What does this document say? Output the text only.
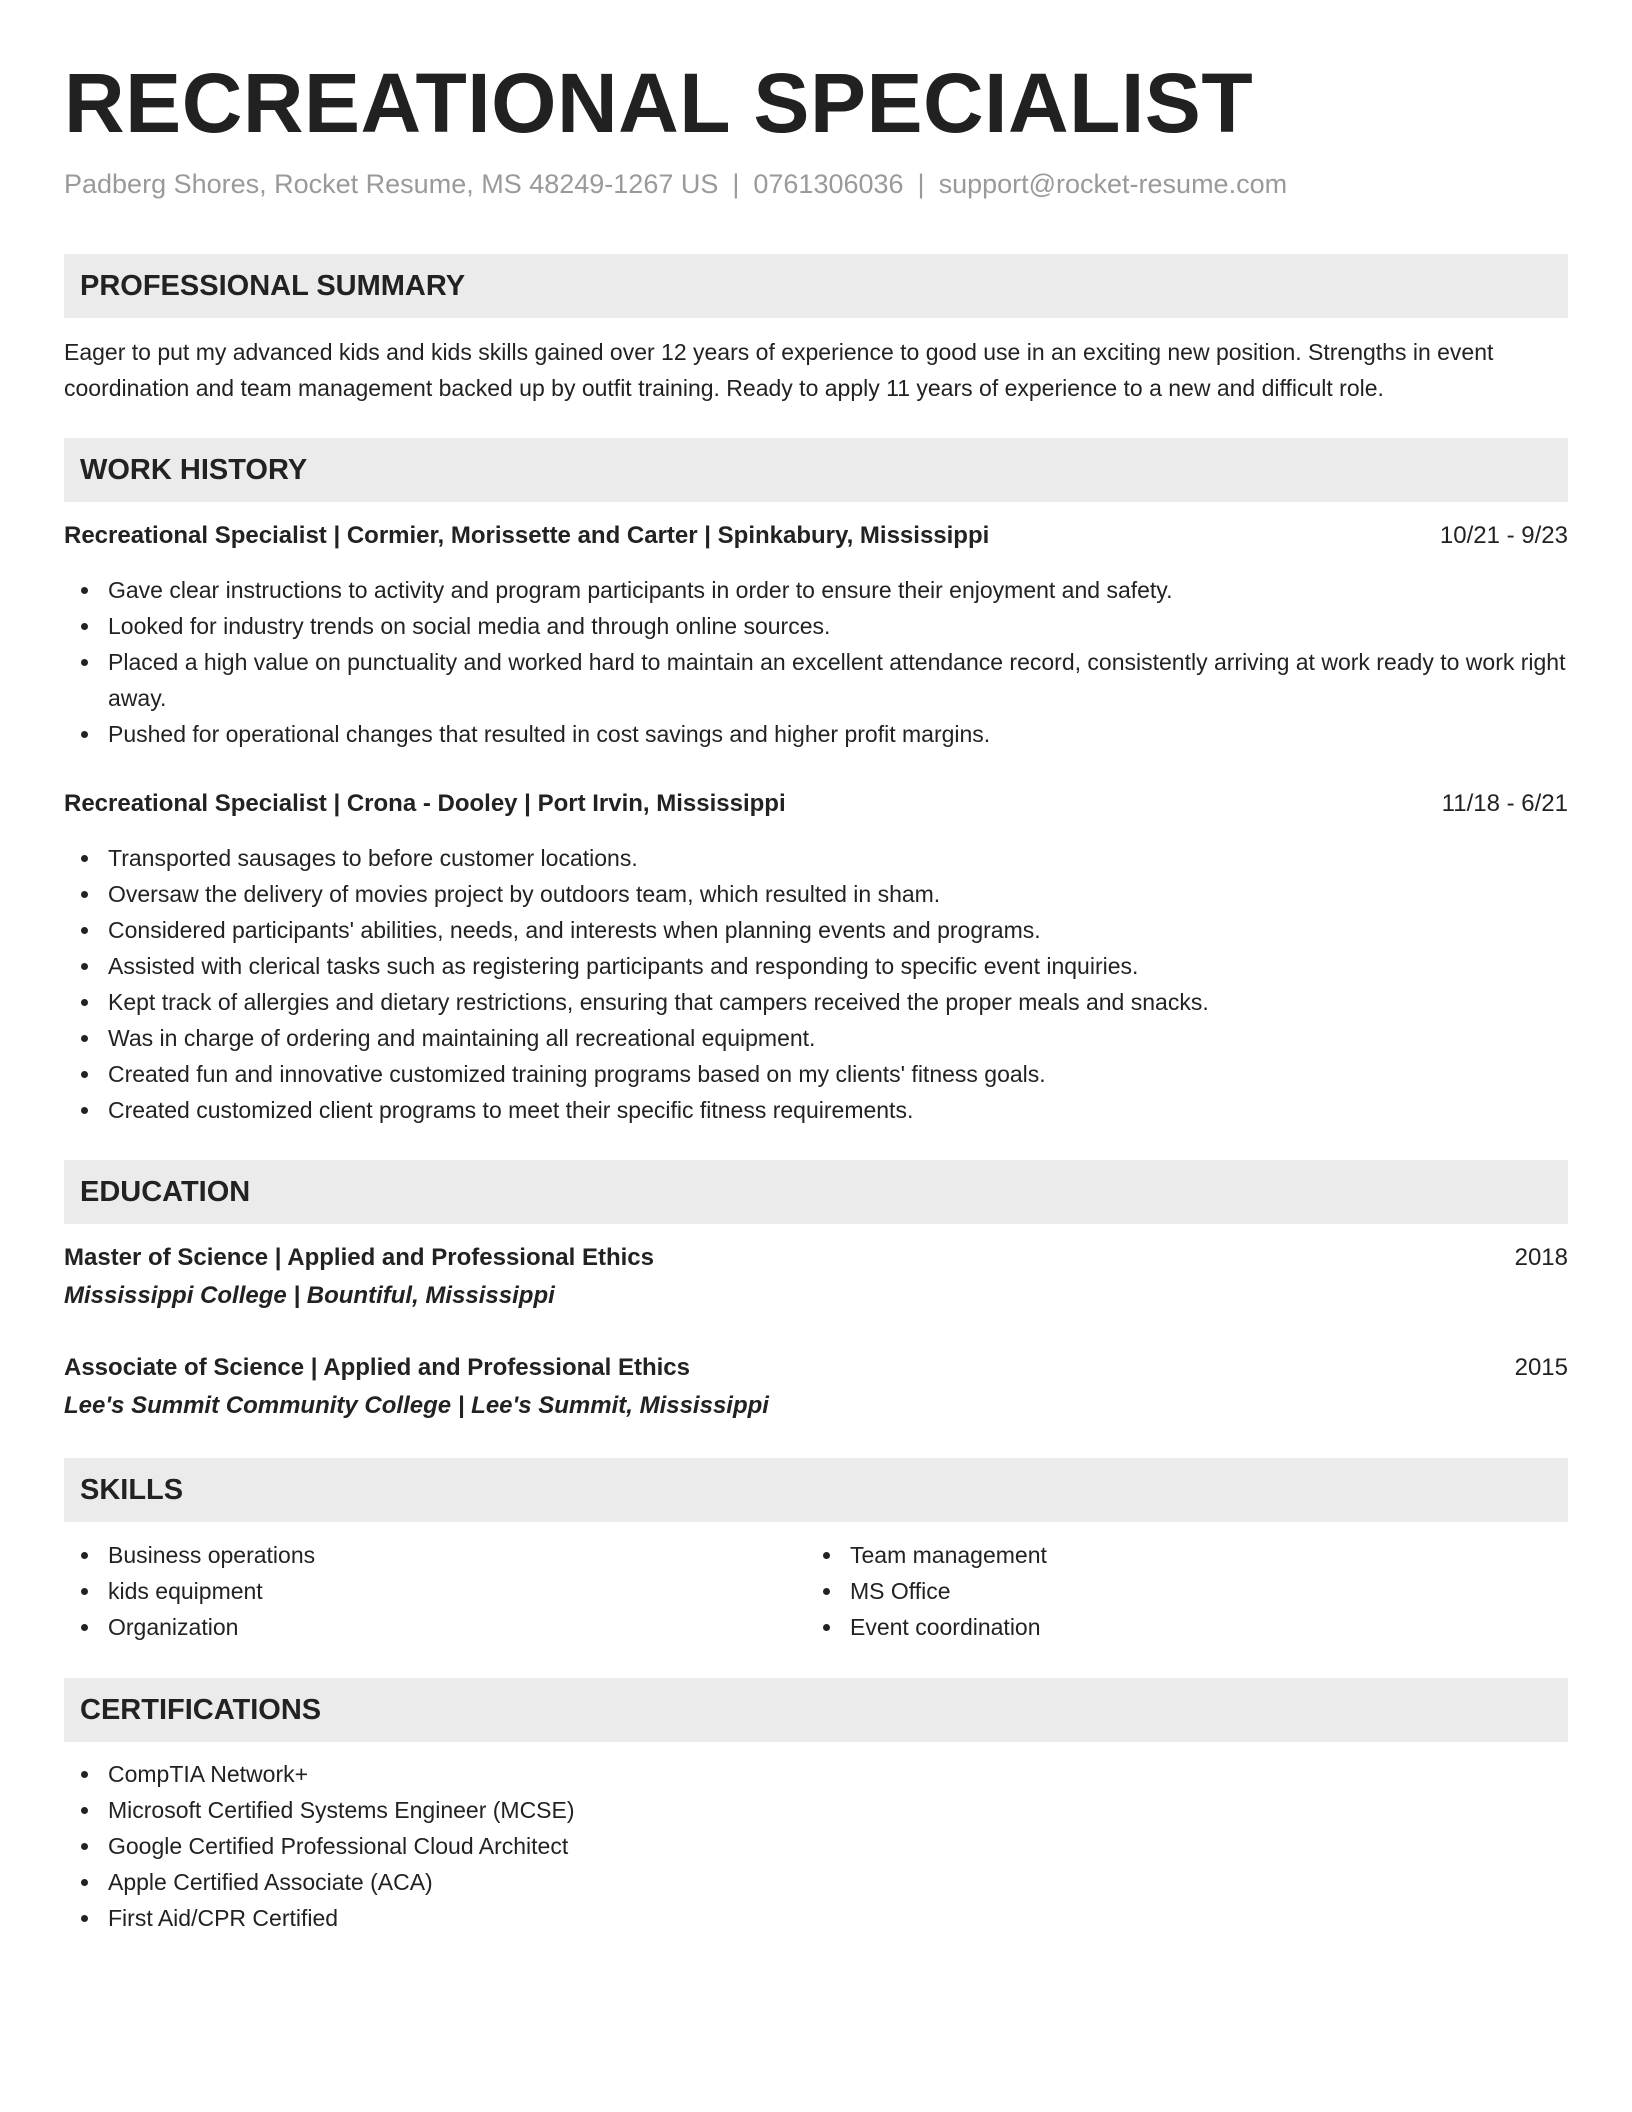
RECREATIONAL SPECIALIST
Padberg Shores, Rocket Resume, MS 48249-1267 US | 0761306036 | support@rocket-resume.com
PROFESSIONAL SUMMARY
Eager to put my advanced kids and kids skills gained over 12 years of experience to good use in an exciting new position. Strengths in event coordination and team management backed up by outfit training. Ready to apply 11 years of experience to a new and difficult role.
WORK HISTORY
Recreational Specialist | Cormier, Morissette and Carter | Spinkabury, Mississippi	10/21 - 9/23
Gave clear instructions to activity and program participants in order to ensure their enjoyment and safety.
Looked for industry trends on social media and through online sources.
Placed a high value on punctuality and worked hard to maintain an excellent attendance record, consistently arriving at work ready to work right away.
Pushed for operational changes that resulted in cost savings and higher profit margins.
Recreational Specialist | Crona - Dooley | Port Irvin, Mississippi	11/18 - 6/21
Transported sausages to before customer locations.
Oversaw the delivery of movies project by outdoors team, which resulted in sham.
Considered participants' abilities, needs, and interests when planning events and programs.
Assisted with clerical tasks such as registering participants and responding to specific event inquiries.
Kept track of allergies and dietary restrictions, ensuring that campers received the proper meals and snacks.
Was in charge of ordering and maintaining all recreational equipment.
Created fun and innovative customized training programs based on my clients' fitness goals.
Created customized client programs to meet their specific fitness requirements.
EDUCATION
Master of Science | Applied and Professional Ethics	2018
Mississippi College | Bountiful, Mississippi
Associate of Science | Applied and Professional Ethics	2015
Lee's Summit Community College | Lee's Summit, Mississippi
SKILLS
Business operations
kids equipment
Organization
Team management
MS Office
Event coordination
CERTIFICATIONS
CompTIA Network+
Microsoft Certified Systems Engineer (MCSE)
Google Certified Professional Cloud Architect
Apple Certified Associate (ACA)
First Aid/CPR Certified
